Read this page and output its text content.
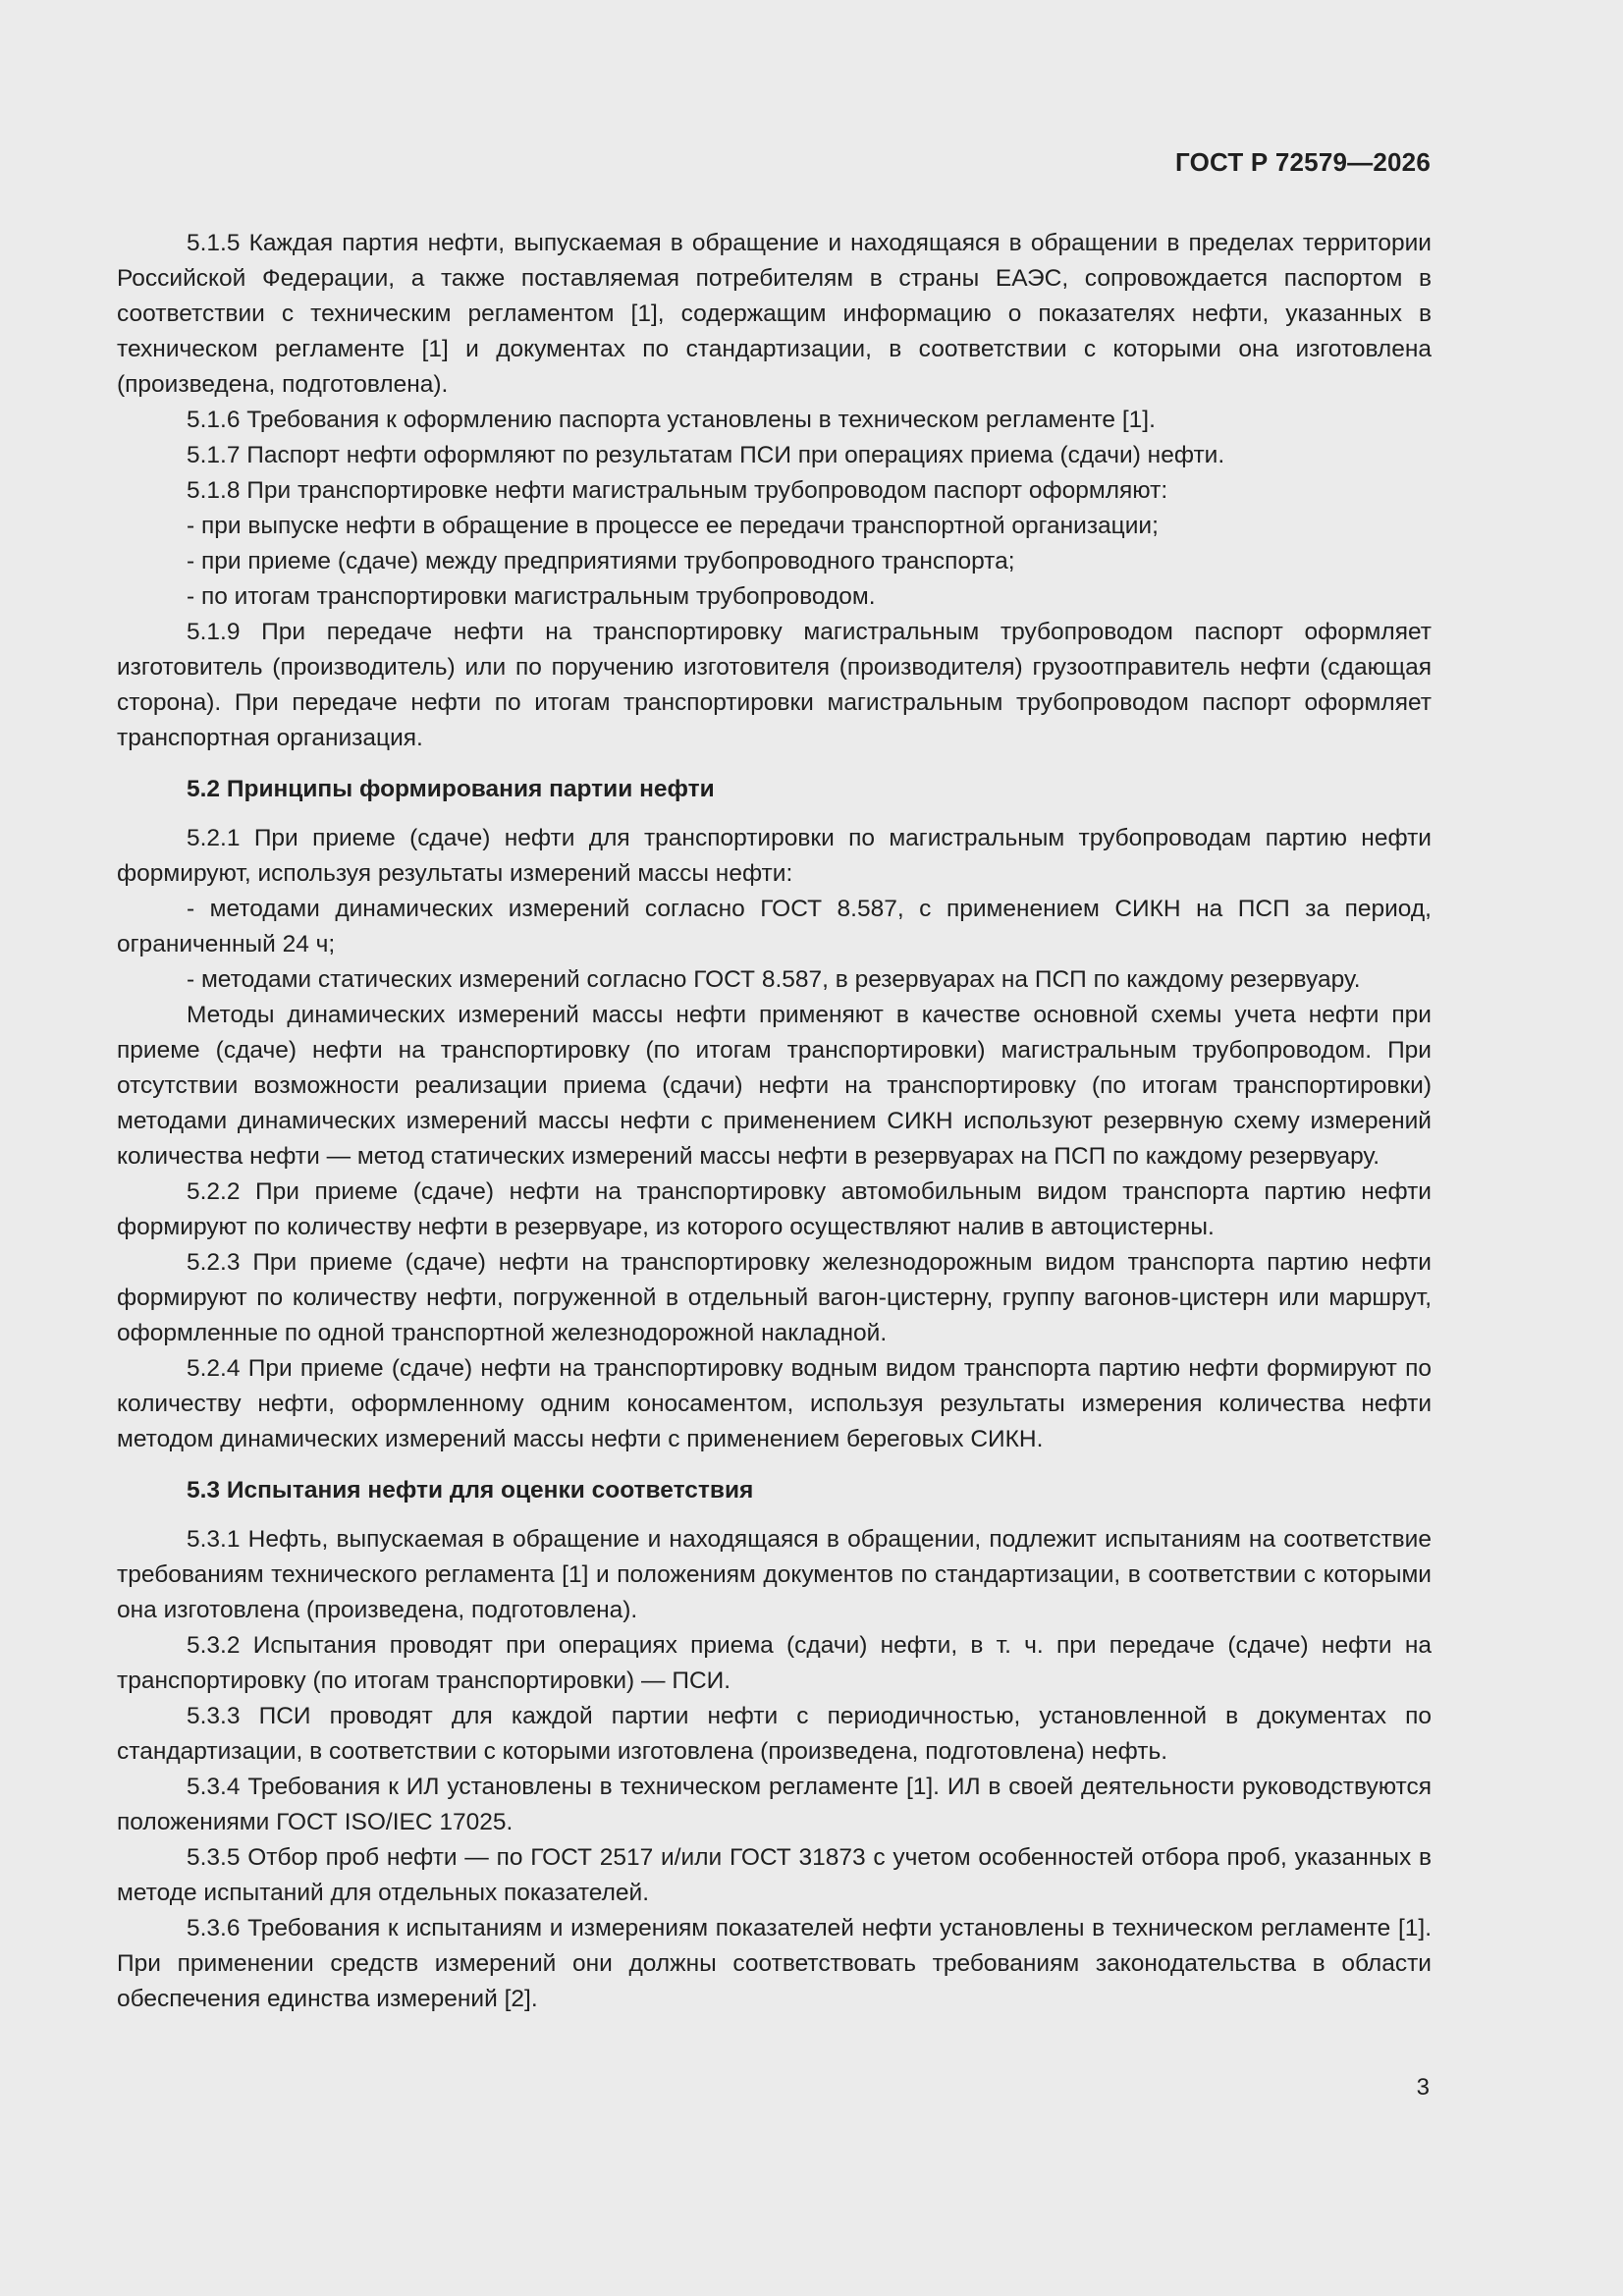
ГОСТ Р 72579—2026

5.1.5 Каждая партия нефти, выпускаемая в обращение и находящаяся в обращении в пределах территории Российской Федерации, а также поставляемая потребителям в страны ЕАЭС, сопровождается паспортом в соответствии с техническим регламентом [1], содержащим информацию о показателях нефти, указанных в техническом регламенте [1] и документах по стандартизации, в соответствии с которыми она изготовлена (произведена, подготовлена).

5.1.6 Требования к оформлению паспорта установлены в техническом регламенте [1].

5.1.7 Паспорт нефти оформляют по результатам ПСИ при операциях приема (сдачи) нефти.

5.1.8 При транспортировке нефти магистральным трубопроводом паспорт оформляют:

- при выпуске нефти в обращение в процессе ее передачи транспортной организации;

- при приеме (сдаче) между предприятиями трубопроводного транспорта;

- по итогам транспортировки магистральным трубопроводом.

5.1.9 При передаче нефти на транспортировку магистральным трубопроводом паспорт оформляет изготовитель (производитель) или по поручению изготовителя (производителя) грузоотправитель нефти (сдающая сторона). При передаче нефти по итогам транспортировки магистральным трубопроводом паспорт оформляет транспортная организация.

5.2 Принципы формирования партии нефти

5.2.1 При приеме (сдаче) нефти для транспортировки по магистральным трубопроводам партию нефти формируют, используя результаты измерений массы нефти:

- методами динамических измерений согласно ГОСТ 8.587, с применением СИКН на ПСП за период, ограниченный 24 ч;

- методами статических измерений согласно ГОСТ 8.587, в резервуарах на ПСП по каждому резервуару.

Методы динамических измерений массы нефти применяют в качестве основной схемы учета нефти при приеме (сдаче) нефти на транспортировку (по итогам транспортировки) магистральным трубопроводом. При отсутствии возможности реализации приема (сдачи) нефти на транспортировку (по итогам транспортировки) методами динамических измерений массы нефти с применением СИКН используют резервную схему измерений количества нефти — метод статических измерений массы нефти в резервуарах на ПСП по каждому резервуару.

5.2.2 При приеме (сдаче) нефти на транспортировку автомобильным видом транспорта партию нефти формируют по количеству нефти в резервуаре, из которого осуществляют налив в автоцистерны.

5.2.3 При приеме (сдаче) нефти на транспортировку железнодорожным видом транспорта партию нефти формируют по количеству нефти, погруженной в отдельный вагон-цистерну, группу вагонов-цистерн или маршрут, оформленные по одной транспортной железнодорожной накладной.

5.2.4 При приеме (сдаче) нефти на транспортировку водным видом транспорта партию нефти формируют по количеству нефти, оформленному одним коносаментом, используя результаты измерения количества нефти методом динамических измерений массы нефти с применением береговых СИКН.

5.3 Испытания нефти для оценки соответствия

5.3.1 Нефть, выпускаемая в обращение и находящаяся в обращении, подлежит испытаниям на соответствие требованиям технического регламента [1] и положениям документов по стандартизации, в соответствии с которыми она изготовлена (произведена, подготовлена).

5.3.2 Испытания проводят при операциях приема (сдачи) нефти, в т. ч. при передаче (сдаче) нефти на транспортировку (по итогам транспортировки) — ПСИ.

5.3.3 ПСИ проводят для каждой партии нефти с периодичностью, установленной в документах по стандартизации, в соответствии с которыми изготовлена (произведена, подготовлена) нефть.

5.3.4 Требования к ИЛ установлены в техническом регламенте [1]. ИЛ в своей деятельности руководствуются положениями ГОСТ ISO/IEC 17025.

5.3.5 Отбор проб нефти — по ГОСТ 2517 и/или ГОСТ 31873 с учетом особенностей отбора проб, указанных в методе испытаний для отдельных показателей.

5.3.6 Требования к испытаниям и измерениям показателей нефти установлены в техническом регламенте [1]. При применении средств измерений они должны соответствовать требованиям законодательства в области обеспечения единства измерений [2].

3
